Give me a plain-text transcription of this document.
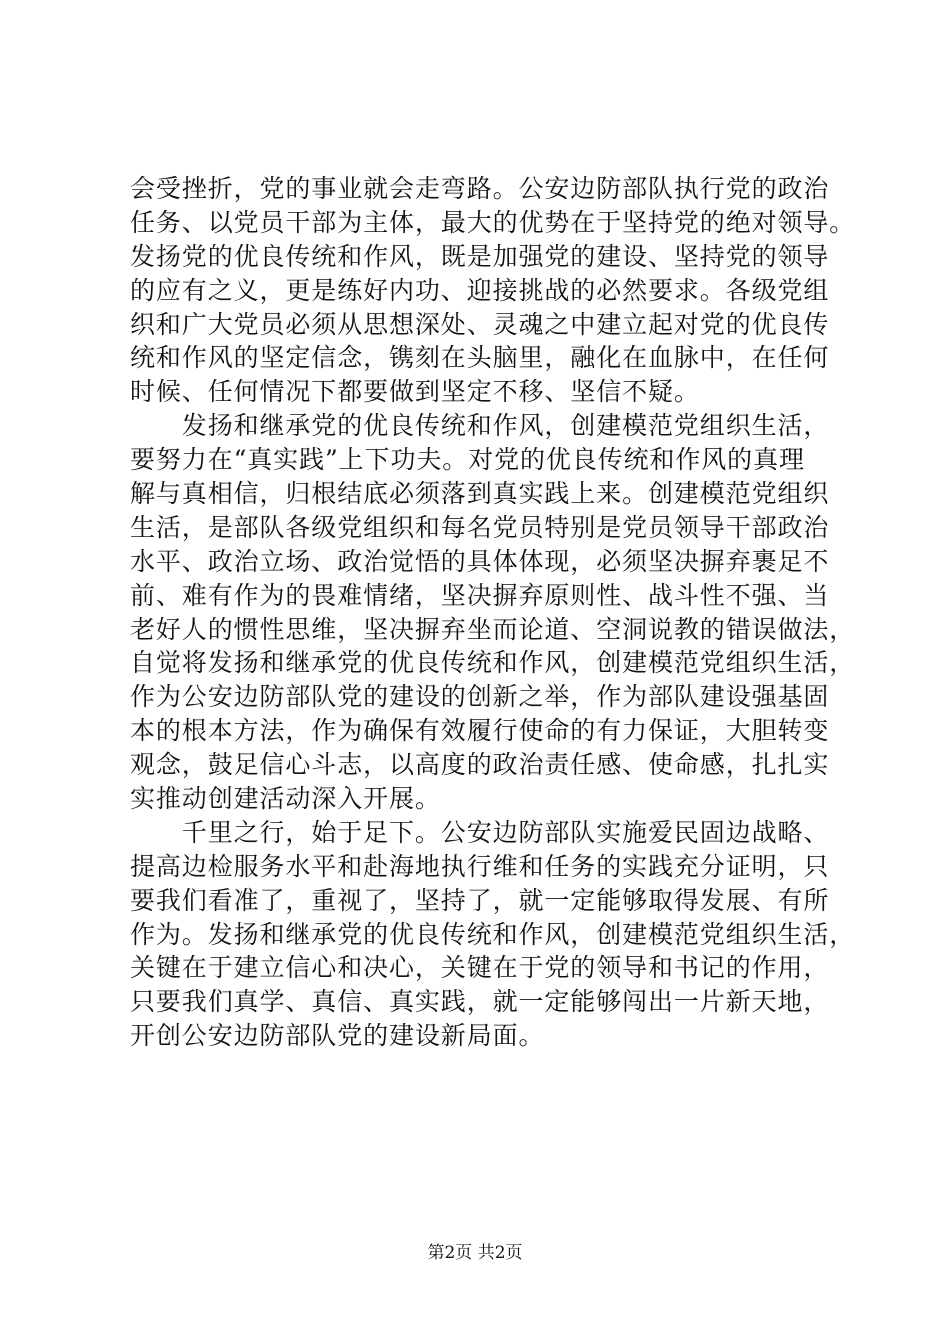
会受挫折，党的事业就会走弯路。公安边防部队执行党的政治
任务、以党员干部为主体，最大的优势在于坚持党的绝对领导。
发扬党的优良传统和作风，既是加强党的建设、坚持党的领导
的应有之义，更是练好内功、迎接挑战的必然要求。各级党组
织和广大党员必须从思想深处、灵魂之中建立起对党的优良传
统和作风的坚定信念，镌刻在头脑里，融化在血脉中，在任何
时候、任何情况下都要做到坚定不移、坚信不疑。
　　发扬和继承党的优良传统和作风，创建模范党组织生活，
要努力在“真实践”上下功夫。对党的优良传统和作风的真理
解与真相信，归根结底必须落到真实践上来。创建模范党组织
生活，是部队各级党组织和每名党员特别是党员领导干部政治
水平、政治立场、政治觉悟的具体体现，必须坚决摒弃裹足不
前、难有作为的畏难情绪，坚决摒弃原则性、战斗性不强、当
老好人的惯性思维，坚决摒弃坐而论道、空洞说教的错误做法，
自觉将发扬和继承党的优良传统和作风，创建模范党组织生活，
作为公安边防部队党的建设的创新之举，作为部队建设强基固
本的根本方法，作为确保有效履行使命的有力保证，大胆转变
观念，鼓足信心斗志，以高度的政治责任感、使命感，扎扎实
实推动创建活动深入开展。
　　千里之行，始于足下。公安边防部队实施爱民固边战略、
提高边检服务水平和赴海地执行维和任务的实践充分证明，只
要我们看准了，重视了，坚持了，就一定能够取得发展、有所
作为。发扬和继承党的优良传统和作风，创建模范党组织生活，
关键在于建立信心和决心，关键在于党的领导和书记的作用，
只要我们真学、真信、真实践，就一定能够闯出一片新天地，
开创公安边防部队党的建设新局面。
第2页 共2页
